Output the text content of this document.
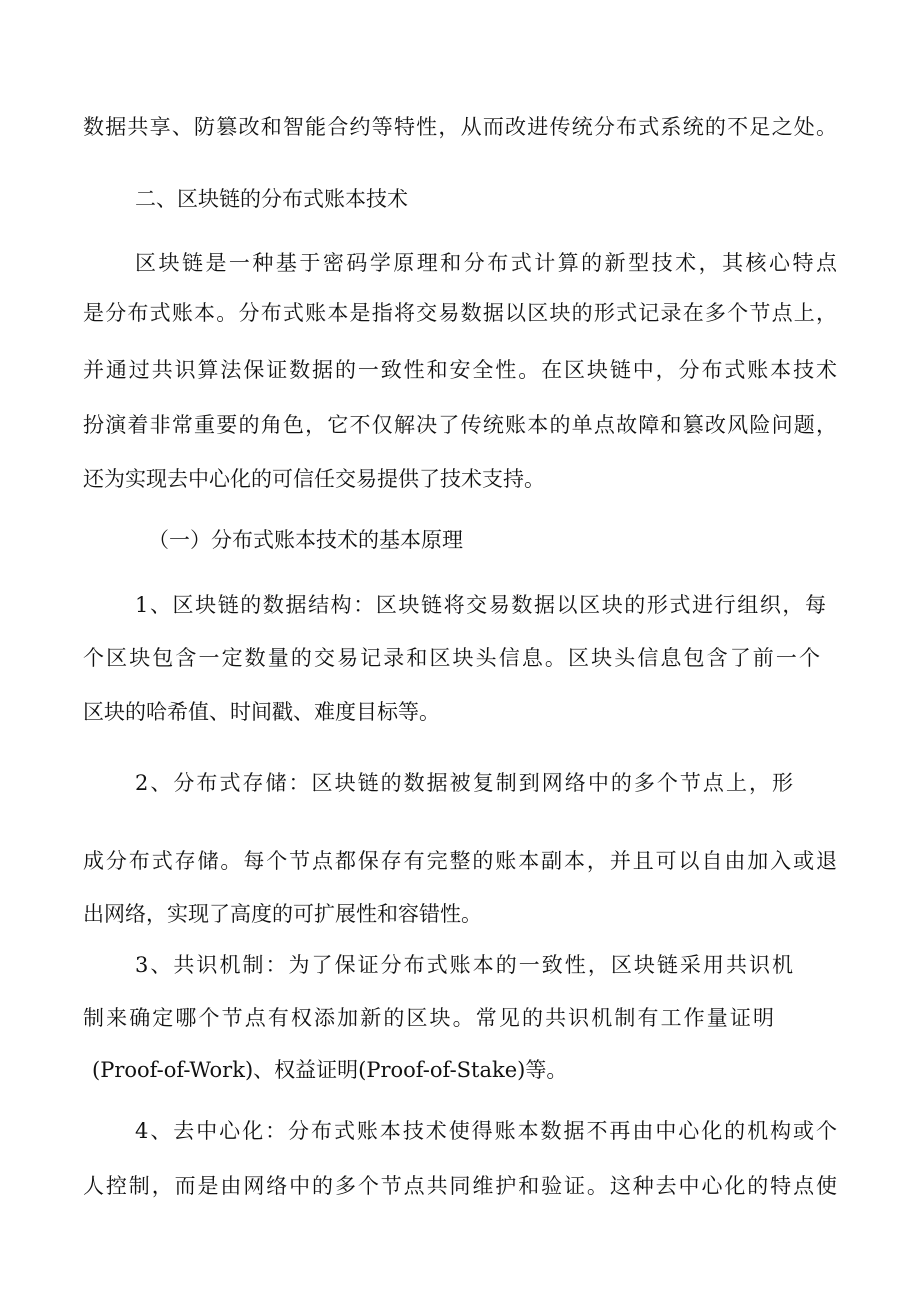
数据共享、防篡改和智能合约等特性，从而改进传统分布式系统的不足之处。
二、区块链的分布式账本技术
区块链是一种基于密码学原理和分布式计算的新型技术，其核心特点
是分布式账本。分布式账本是指将交易数据以区块的形式记录在多个节点上，
并通过共识算法保证数据的一致性和安全性。在区块链中，分布式账本技术
扮演着非常重要的角色，它不仅解决了传统账本的单点故障和篡改风险问题，
还为实现去中心化的可信任交易提供了技术支持。
（一）分布式账本技术的基本原理
1、区块链的数据结构：区块链将交易数据以区块的形式进行组织，每
个区块包含一定数量的交易记录和区块头信息。区块头信息包含了前一个
区块的哈希值、时间戳、难度目标等。
2、分布式存储：区块链的数据被复制到网络中的多个节点上，形
成分布式存储。每个节点都保存有完整的账本副本，并且可以自由加入或退
出网络，实现了高度的可扩展性和容错性。
3、共识机制：为了保证分布式账本的一致性，区块链采用共识机
制来确定哪个节点有权添加新的区块。常见的共识机制有工作量证明
(Proof-of-Work)、权益证明(Proof-of-Stake)等。
4、去中心化：分布式账本技术使得账本数据不再由中心化的机构或个
人控制，而是由网络中的多个节点共同维护和验证。这种去中心化的特点使
